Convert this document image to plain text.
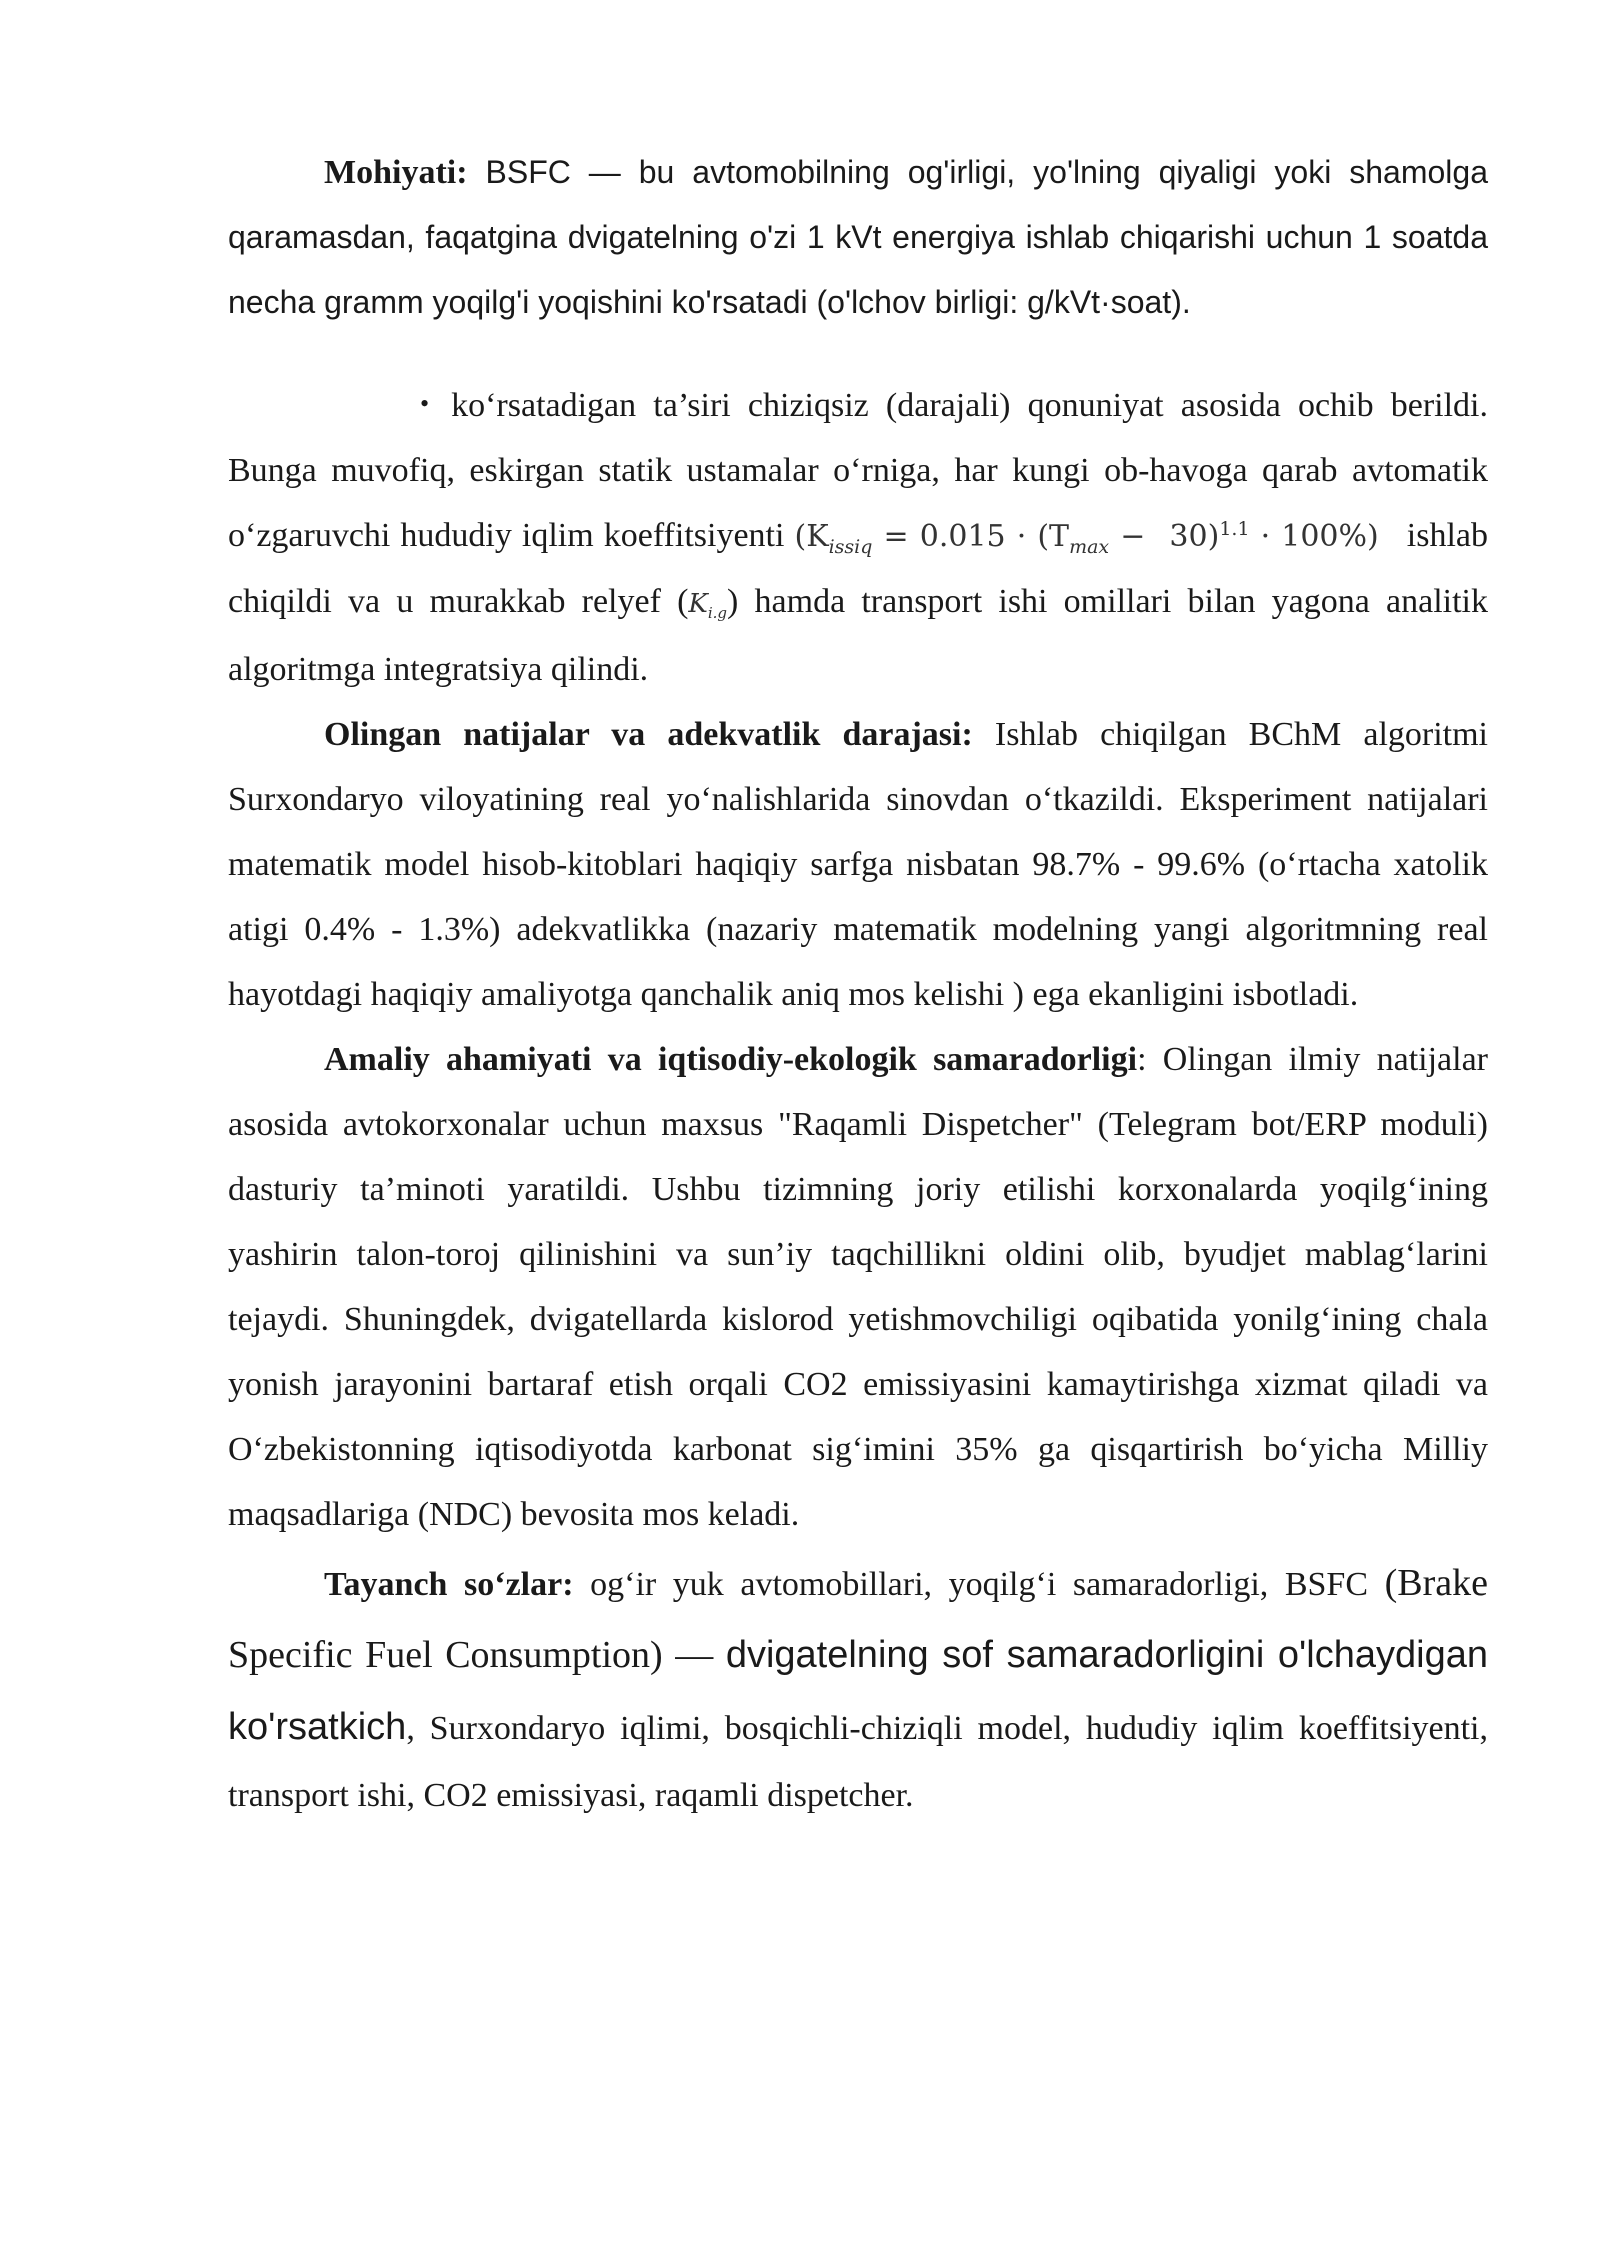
Mohiyati: BSFC — bu avtomobilning og'irligi, yo'lning qiyaligi yoki shamolga qaramasdan, faqatgina dvigatelning o'zi 1 kVt energiya ishlab chiqarishi uchun 1 soatda necha gramm yoqilg'i yoqishini ko'rsatadi (o'lchov birligi: g/kVt·soat).

• ko‘rsatadigan ta’siri chiziqsiz (darajali) qonuniyat asosida ochib berildi. Bunga muvofiq, eskirgan statik ustamalar o‘rniga, har kungi ob-havoga qarab avtomatik o‘zgaruvchi hududiy iqlim koeffitsiyenti $(K_{issiq} = 0.015 \cdot (T_{max} - 30)^{1.1} \cdot 100\%)$ ishlab chiqildi va u murakkab relyef $(K_{i.g})$ hamda transport ishi omillari bilan yagona analitik algoritmga integratsiya qilindi.

Olingan natijalar va adekvatlik darajasi: Ishlab chiqilgan BChM algoritmi Surxondaryo viloyatining real yo‘nalishlarida sinovdan o‘tkazildi. Eksperiment natijalari matematik model hisob-kitoblari haqiqiy sarfga nisbatan 98.7% - 99.6% (o‘rtacha xatolik atigi 0.4% - 1.3%) adekvatlikka (nazariy matematik modelning yangi algoritmning real hayotdagi haqiqiy amaliyotga qanchalik aniq mos kelishi ) ega ekanligini isbotladi.

Amaliy ahamiyati va iqtisodiy-ekologik samaradorligi: Olingan ilmiy natijalar asosida avtokorxonalar uchun maxsus "Raqamli Dispetcher" (Telegram bot/ERP moduli) dasturiy ta’minoti yaratildi. Ushbu tizimning joriy etilishi korxonalarda yoqilg‘ining yashirin talon-toroj qilinishini va sun’iy taqchillikni oldini olib, byudjet mablag‘larini tejaydi. Shuningdek, dvigatellarda kislorod yetishmovchiligi oqibatida yonilg‘ining chala yonish jarayonini bartaraf etish orqali CO2 emissiyasini kamaytirishga xizmat qiladi va O‘zbekistonning iqtisodiyotda karbonat sig‘imini 35% ga qisqartirish bo‘yicha Milliy maqsadlariga (NDC) bevosita mos keladi.

Tayanch so‘zlar: og‘ir yuk avtomobillari, yoqilg‘i samaradorligi, BSFC (Brake Specific Fuel Consumption) — dvigatelning sof samaradorligini o'lchaydigan ko'rsatkich, Surxondaryo iqlimi, bosqichli-chiziqli model, hududiy iqlim koeffitsiyenti, transport ishi, CO2 emissiyasi, raqamli dispetcher.
